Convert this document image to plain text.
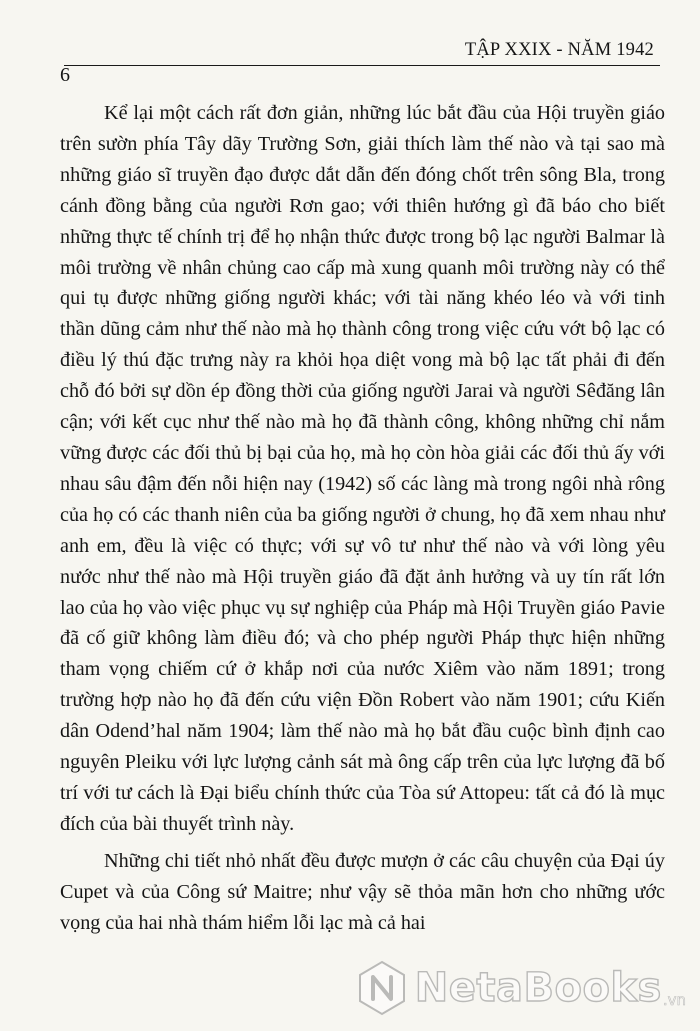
TẬP XXIX - NĂM 1942
6

Kể lại một cách rất đơn giản, những lúc bắt đầu của Hội truyền giáo trên sườn phía Tây dãy Trường Sơn, giải thích làm thế nào và tại sao mà những giáo sĩ truyền đạo được dắt dẫn đến đóng chốt trên sông Bla, trong cánh đồng bằng của người Rơn gao; với thiên hướng gì đã báo cho biết những thực tế chính trị để họ nhận thức được trong bộ lạc người Balmar là môi trường về nhân chủng cao cấp mà xung quanh môi trường này có thể qui tụ được những giống người khác; với tài năng khéo léo và với tinh thần dũng cảm như thế nào mà họ thành công trong việc cứu vớt bộ lạc có điều lý thú đặc trưng này ra khỏi họa diệt vong mà bộ lạc tất phải đi đến chỗ đó bởi sự dồn ép đồng thời của giống người Jarai và người Sêđăng lân cận; với kết cục như thế nào mà họ đã thành công, không những chỉ nắm vững được các đối thủ bị bại của họ, mà họ còn hòa giải các đối thủ ấy với nhau sâu đậm đến nỗi hiện nay (1942) số các làng mà trong ngôi nhà rông của họ có các thanh niên của ba giống người ở chung, họ đã xem nhau như anh em, đều là việc có thực; với sự vô tư như thế nào và với lòng yêu nước như thế nào mà Hội truyền giáo đã đặt ảnh hưởng và uy tín rất lớn lao của họ vào việc phục vụ sự nghiệp của Pháp mà Hội Truyền giáo Pavie đã cố giữ không làm điều đó; và cho phép người Pháp thực hiện những tham vọng chiếm cứ ở khắp nơi của nước Xiêm vào năm 1891; trong trường hợp nào họ đã đến cứu viện Đồn Robert vào năm 1901; cứu Kiến dân Odend’hal năm 1904; làm thế nào mà họ bắt đầu cuộc bình định cao nguyên Pleiku với lực lượng cảnh sát mà ông cấp trên của lực lượng đã bố trí với tư cách là Đại biểu chính thức của Tòa sứ Attopeu: tất cả đó là mục đích của bài thuyết trình này.

Những chi tiết nhỏ nhất đều được mượn ở các câu chuyện của Đại úy Cupet và của Công sứ Maitre; như vậy sẽ thỏa mãn hơn cho những ước vọng của hai nhà thám hiểm lỗi lạc mà cả hai

NetaBooks .vn
